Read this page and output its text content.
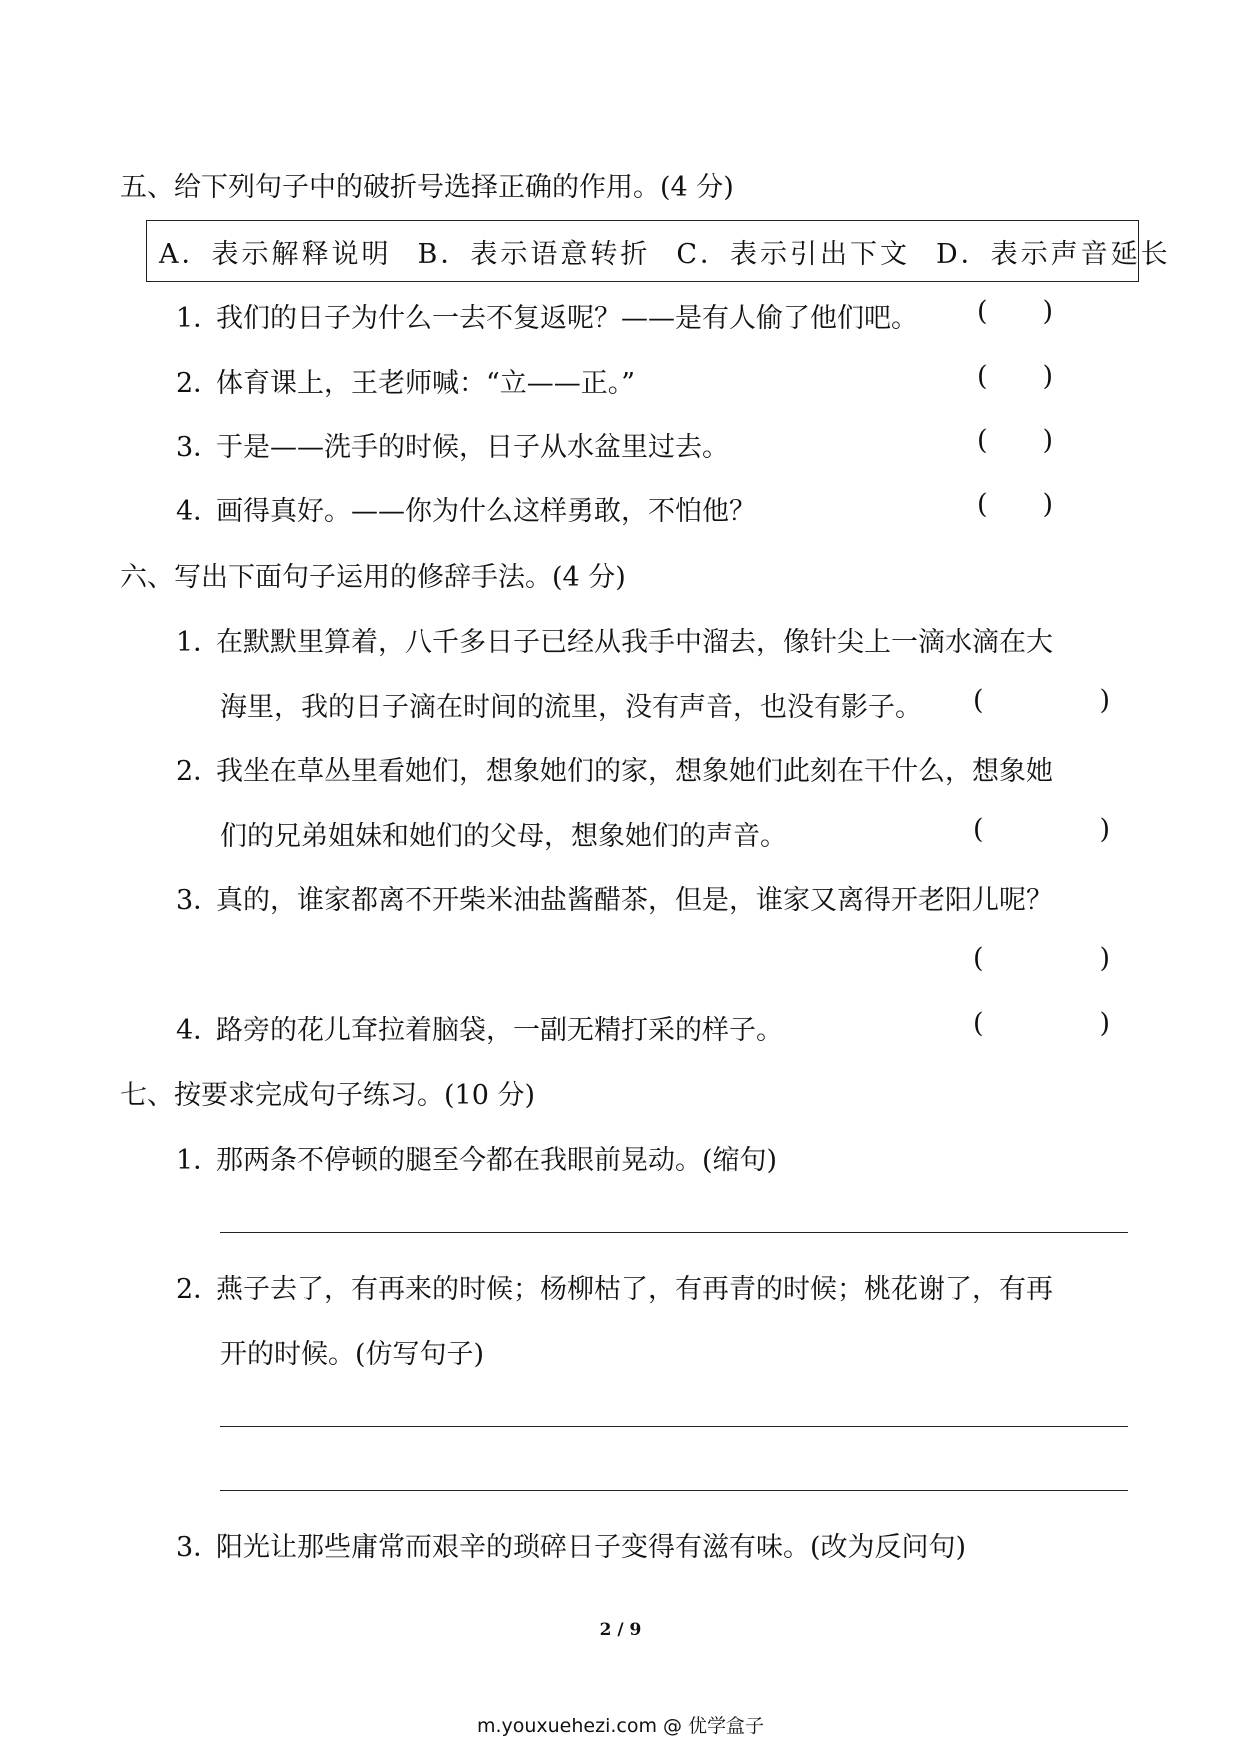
五、给下列句子中的破折号选择正确的作用。(4 分)
A．表示解释说明 B．表示语意转折 C．表示引出下文 D．表示声音延长
1．我们的日子为什么一去不复返呢？——是有人偷了他们吧。 ( )
2．体育课上，王老师喊：“立——正。”	( )
3．于是——洗手的时候，日子从水盆里过去。	( )
4．画得真好。——你为什么这样勇敢，不怕他？	( )
六、写出下面句子运用的修辞手法。(4 分)
1．在默默里算着，八千多日子已经从我手中溜去，像针尖上一滴水滴在大
海里，我的日子滴在时间的流里，没有声音，也没有影子。 (	)
2．我坐在草丛里看她们，想象她们的家，想象她们此刻在干什么，想象她
们的兄弟姐妹和她们的父母，想象她们的声音。	(	)
3．真的，谁家都离不开柴米油盐酱醋茶，但是，谁家又离得开老阳儿呢？
(	)
4．路旁的花儿耷拉着脑袋，一副无精打采的样子。	(	)
七、按要求完成句子练习。(10 分)
1．那两条不停顿的腿至今都在我眼前晃动。(缩句)
2．燕子去了，有再来的时候；杨柳枯了，有再青的时候；桃花谢了，有再
开的时候。(仿写句子)
3．阳光让那些庸常而艰辛的琐碎日子变得有滋有味。(改为反问句)
2 / 9
m.youxuehezi.com @ 优学盒子
